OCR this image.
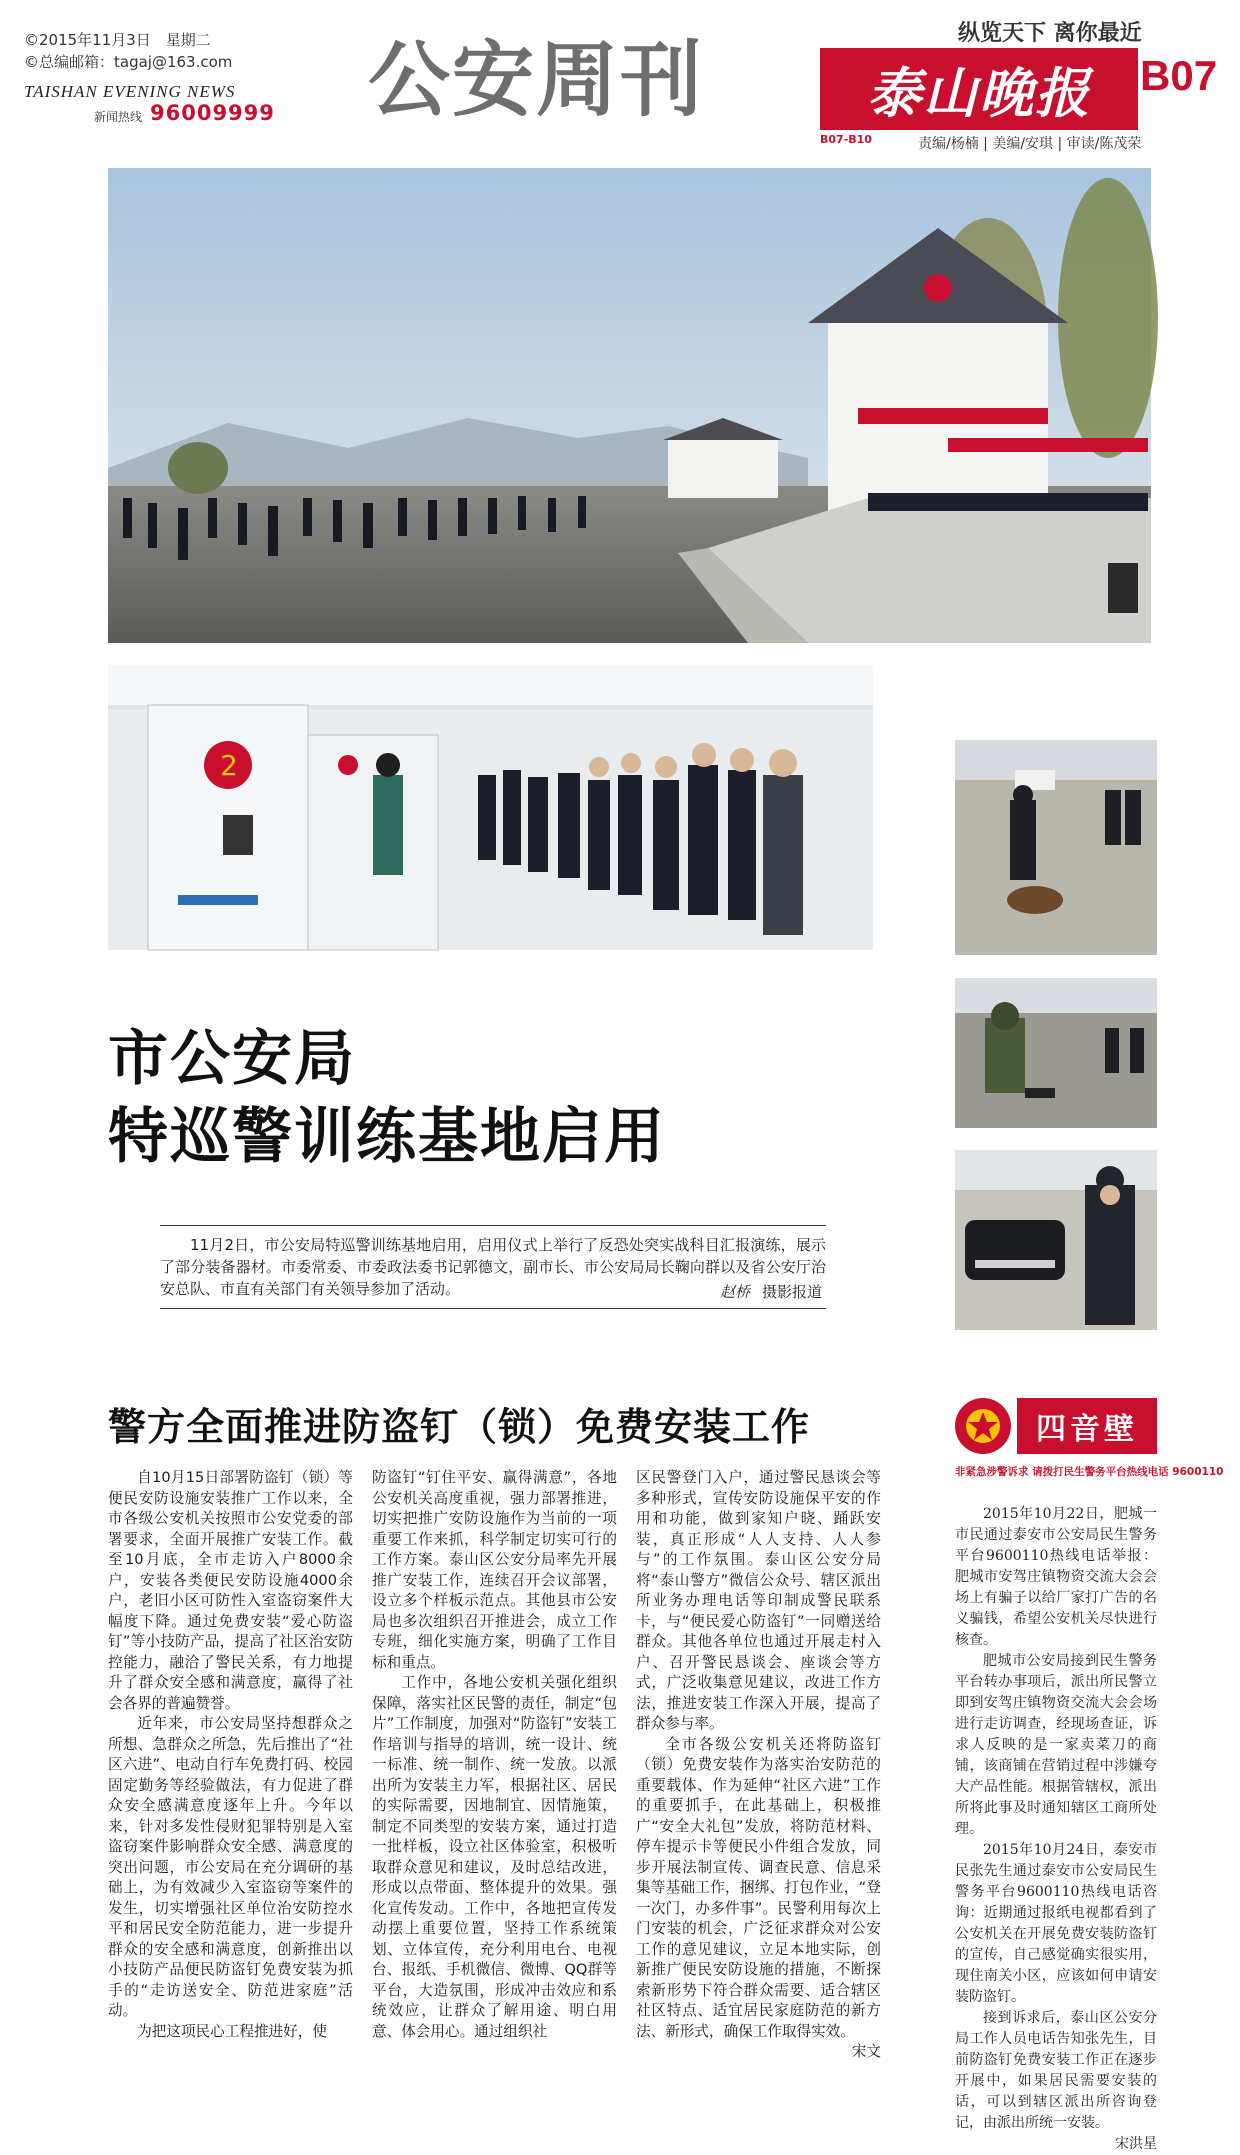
©2015年11月3日　星期二
©总编邮箱：tagaj@163.com
TAISHAN EVENING NEWS
新闻热线 96009999 公安周刊	纵览天下 离你最近
泰山晚报	B07
B07-B10	责编/杨楠 | 美编/安琪 | 审读/陈茂荣
2
市公安局
特巡警训练基地启用
11月2日，市公安局特巡警训练基地启用，启用仪式上举行了反恐处突实战科目汇报演练，展示了部分装备器材。市委常委、市委政法委书记郭德文，副市长、市公安局局长鞠向群以及省公安厅治安总队、市直有关部门有关领导参加了活动。	赵桥 摄影报道
警方全面推进防盗钉（锁）免费安装工作

自10月15日部署防盗钉（锁）等便民安防设施安装推广工作以来，全市各级公安机关按照市公安党委的部署要求，全面开展推广安装工作。截至10月底，全市走访入户8000余户，安装各类便民安防设施4000余户，老旧小区可防性入室盗窃案件大幅度下降。通过免费安装“爱心防盗钉”等小技防产品，提高了社区治安防控能力，融洽了警民关系，有力地提升了群众安全感和满意度，赢得了社会各界的普遍赞誉。

近年来，市公安局坚持想群众之所想、急群众之所急，先后推出了“社区六进”、电动自行车免费打码、校园固定勤务等经验做法，有力促进了群众安全感满意度逐年上升。今年以来，针对多发性侵财犯罪特别是入室盗窃案件影响群众安全感、满意度的突出问题，市公安局在充分调研的基础上，为有效减少入室盗窃等案件的发生，切实增强社区单位治安防控水平和居民安全防范能力，进一步提升群众的安全感和满意度，创新推出以小技防产品便民防盗钉免费安装为抓手的“走访送安全、防范进家庭”活动。

为把这项民心工程推进好，使

防盗钉“钉住平安、赢得满意”，各地公安机关高度重视，强力部署推进，切实把推广安防设施作为当前的一项重要工作来抓，科学制定切实可行的工作方案。泰山区公安分局率先开展推广安装工作，连续召开会议部署，设立多个样板示范点。其他县市公安局也多次组织召开推进会，成立工作专班，细化实施方案，明确了工作目标和重点。

工作中，各地公安机关强化组织保障，落实社区民警的责任，制定“包片”工作制度，加强对“防盗钉”安装工作培训与指导的培训，统一设计、统一标准、统一制作、统一发放。以派出所为安装主力军，根据社区、居民的实际需要，因地制宜、因情施策，制定不同类型的安装方案，通过打造一批样板，设立社区体验室，积极听取群众意见和建议，及时总结改进，形成以点带面、整体提升的效果。强化宣传发动。工作中，各地把宣传发动摆上重要位置，坚持工作系统策划、立体宣传，充分利用电台、电视台、报纸、手机微信、微博、QQ群等平台，大造氛围，形成冲击效应和系统效应，让群众了解用途、明白用意、体会用心。通过组织社

区民警登门入户，通过警民恳谈会等多种形式，宣传安防设施保平安的作用和功能，做到家知户晓、踊跃安装，真正形成“人人支持、人人参与”的工作氛围。泰山区公安分局将“泰山警方”微信公众号、辖区派出所业务办理电话等印制成警民联系卡，与“便民爱心防盗钉”一同赠送给群众。其他各单位也通过开展走村入户、召开警民恳谈会、座谈会等方式，广泛收集意见建议，改进工作方法，推进安装工作深入开展，提高了群众参与率。

全市各级公安机关还将防盗钉（锁）免费安装作为落实治安防范的重要载体、作为延伸“社区六进”工作的重要抓手，在此基础上，积极推广“安全大礼包”发放，将防范材料、停车提示卡等便民小件组合发放，同步开展法制宣传、调查民意、信息采集等基础工作，捆绑、打包作业，“登一次门，办多件事”。民警利用每次上门安装的机会，广泛征求群众对公安工作的意见建议，立足本地实际，创新推广便民安防设施的措施，不断探索新形势下符合群众需要、适合辖区社区特点、适宜居民家庭防范的新方法、新形式，确保工作取得实效。

宋文
四音壁
非紧急涉警诉求 请拨打民生警务平台热线电话 9600110

2015年10月22日，肥城一市民通过泰安市公安局民生警务平台9600110热线电话举报：肥城市安驾庄镇物资交流大会会场上有骗子以给厂家打广告的名义骗钱，希望公安机关尽快进行核查。

肥城市公安局接到民生警务平台转办事项后，派出所民警立即到安驾庄镇物资交流大会会场进行走访调查，经现场查证，诉求人反映的是一家卖菜刀的商铺，该商铺在营销过程中涉嫌夸大产品性能。根据管辖权，派出所将此事及时通知辖区工商所处理。

2015年10月24日，泰安市民张先生通过泰安市公安局民生警务平台9600110热线电话咨询：近期通过报纸电视都看到了公安机关在开展免费安装防盗钉的宣传，自己感觉确实很实用，现住南关小区，应该如何申请安装防盗钉。

接到诉求后，泰山区公安分局工作人员电话告知张先生，目前防盗钉免费安装工作正在逐步开展中，如果居民需要安装的话，可以到辖区派出所咨询登记，由派出所统一安装。

宋洪星
